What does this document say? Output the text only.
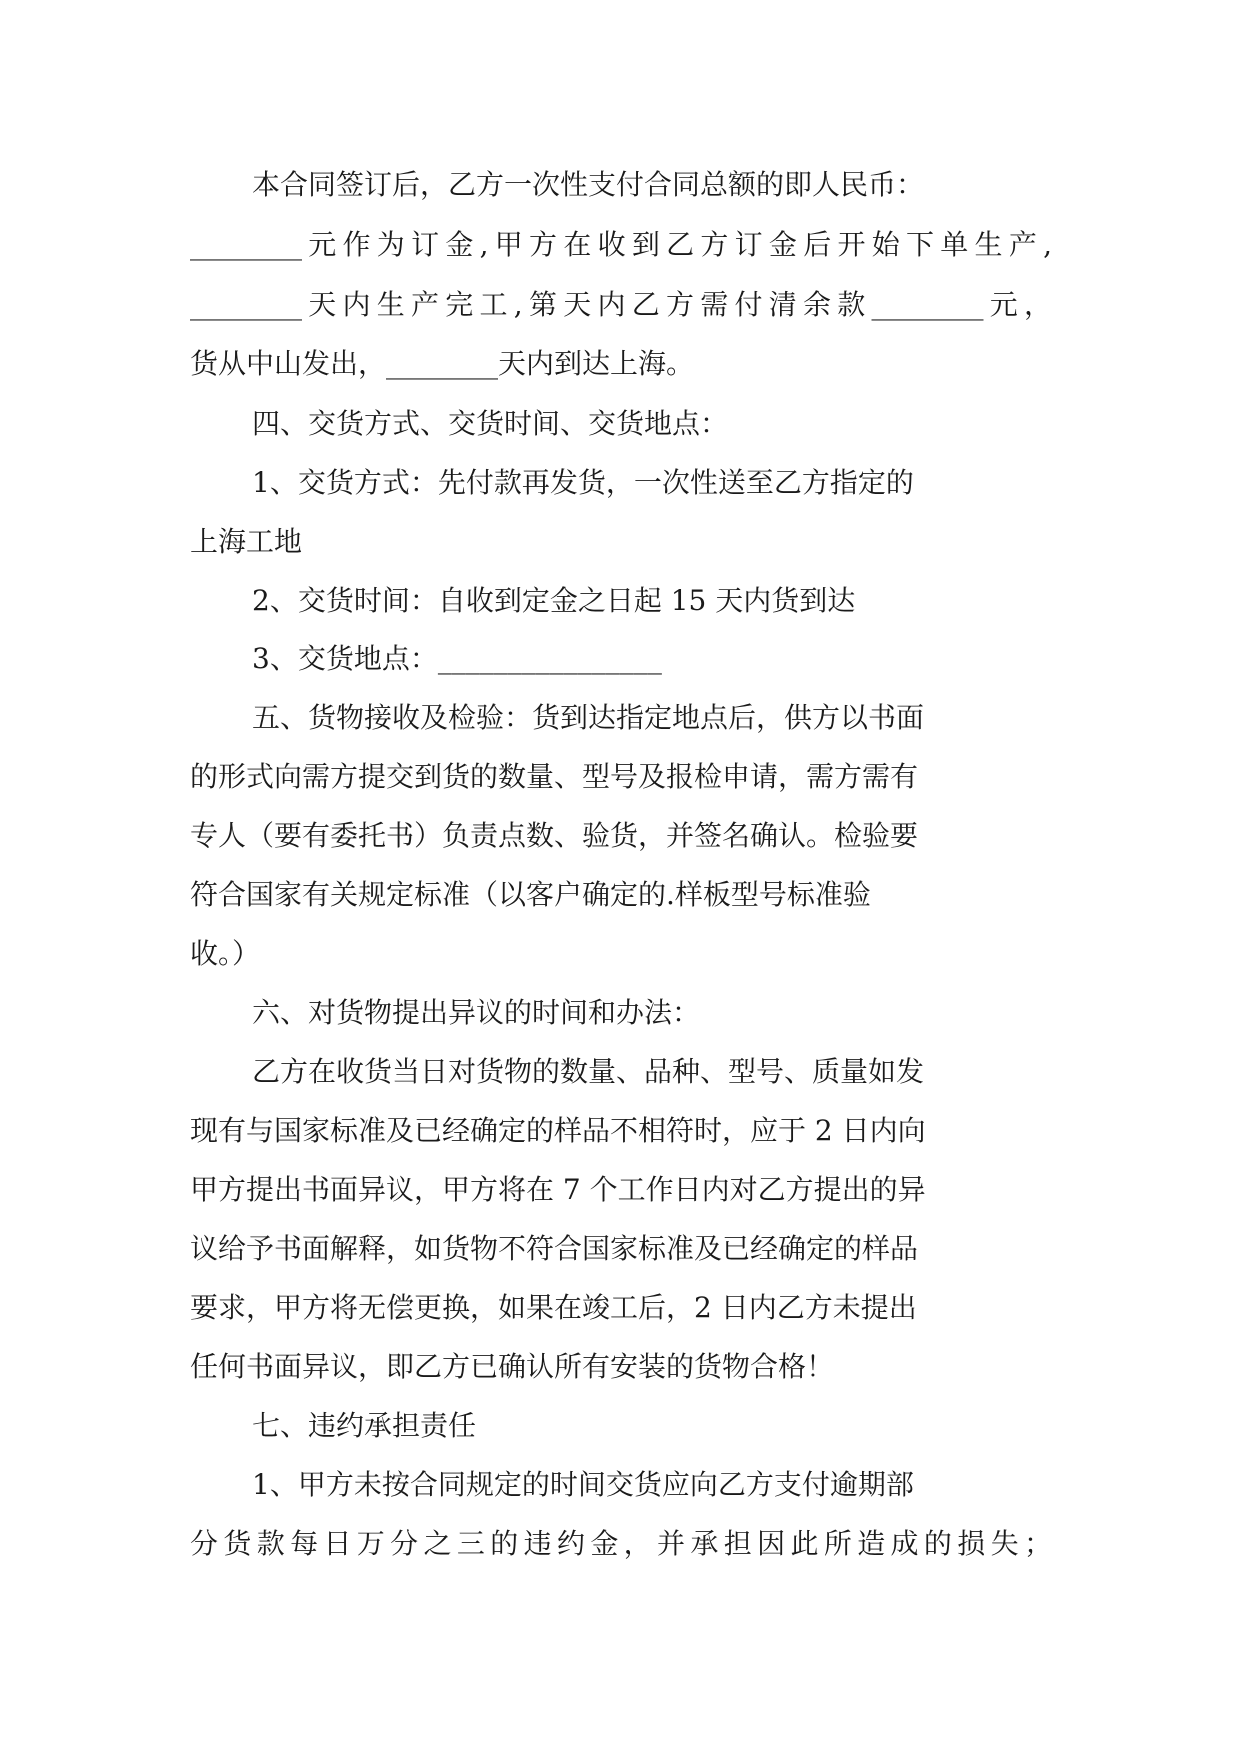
本合同签订后，乙方一次性支付合同总额的即人民币：
________元作为订金,甲方在收到乙方订金后开始下单生产,
________天内生产完工,第天内乙方需付清余款________元，
货从中山发出，________天内到达上海。
四、交货方式、交货时间、交货地点：
1、交货方式：先付款再发货，一次性送至乙方指定的
上海工地
2、交货时间：自收到定金之日起 15 天内货到达
3、交货地点：________________
五、货物接收及检验：货到达指定地点后，供方以书面
的形式向需方提交到货的数量、型号及报检申请，需方需有
专人（要有委托书）负责点数、验货，并签名确认。检验要
符合国家有关规定标准（以客户确定的.样板型号标准验
收。）
六、对货物提出异议的时间和办法：
乙方在收货当日对货物的数量、品种、型号、质量如发
现有与国家标准及已经确定的样品不相符时，应于 2 日内向
甲方提出书面异议，甲方将在 7 个工作日内对乙方提出的异
议给予书面解释，如货物不符合国家标准及已经确定的样品
要求，甲方将无偿更换，如果在竣工后，2 日内乙方未提出
任何书面异议，即乙方已确认所有安装的货物合格！
七、违约承担责任
1、甲方未按合同规定的时间交货应向乙方支付逾期部
分货款每日万分之三的违约金，并承担因此所造成的损失；
